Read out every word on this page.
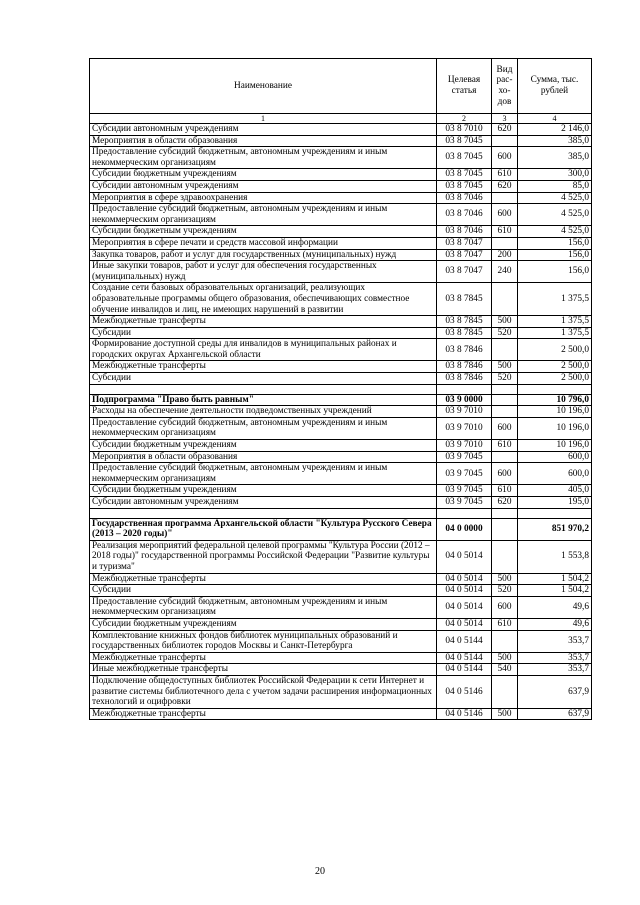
Наименование	Целевая статья	Вид рас-хо-дов	Сумма, тыс. рублей
1	2	3	4
Субсидии автономным учреждениям	03 8 7010	620	2 146,0
Мероприятия в области образования	03 8 7045		385,0
Предоставление субсидий бюджетным, автономным учреждениям и иным некоммерческим организациям	03 8 7045	600	385,0
Субсидии бюджетным учреждениям	03 8 7045	610	300,0
Субсидии автономным учреждениям	03 8 7045	620	85,0
Мероприятия в сфере здравоохранения	03 8 7046		4 525,0
Предоставление субсидий бюджетным, автономным учреждениям и иным некоммерческим организациям	03 8 7046	600	4 525,0
Субсидии бюджетным учреждениям	03 8 7046	610	4 525,0
Мероприятия в сфере печати и средств массовой информации	03 8 7047		156,0
Закупка товаров, работ и услуг для государственных (муниципальных) нужд	03 8 7047	200	156,0
Иные закупки товаров, работ и услуг для обеспечения государственных (муниципальных) нужд	03 8 7047	240	156,0
Создание сети базовых образовательных организаций, реализующих образовательные программы общего образования, обеспечивающих совместное обучение инвалидов и лиц, не имеющих нарушений в развитии	03 8 7845		1 375,5
Межбюджетные трансферты	03 8 7845	500	1 375,5
Субсидии	03 8 7845	520	1 375,5
Формирование доступной среды для инвалидов в муниципальных районах и городских округах Архангельской области	03 8 7846		2 500,0
Межбюджетные трансферты	03 8 7846	500	2 500,0
Субсидии	03 8 7846	520	2 500,0

Подпрограмма "Право быть равным"	03 9 0000		10 796,0
Расходы на обеспечение деятельности подведомственных учреждений	03 9 7010		10 196,0
Предоставление субсидий бюджетным, автономным учреждениям и иным некоммерческим организациям	03 9 7010	600	10 196,0
Субсидии бюджетным учреждениям	03 9 7010	610	10 196,0
Мероприятия в области образования	03 9 7045		600,0
Предоставление субсидий бюджетным, автономным учреждениям и иным некоммерческим организациям	03 9 7045	600	600,0
Субсидии бюджетным учреждениям	03 9 7045	610	405,0
Субсидии автономным учреждениям	03 9 7045	620	195,0

Государственная программа Архангельской области "Культура Русского Севера (2013 – 2020 годы)"	04 0 0000		851 970,2
Реализация мероприятий федеральной целевой программы "Культура России (2012 – 2018 годы)" государственной программы Российской Федерации "Развитие культуры и туризма"	04 0 5014		1 553,8
Межбюджетные трансферты	04 0 5014	500	1 504,2
Субсидии	04 0 5014	520	1 504,2
Предоставление субсидий бюджетным, автономным учреждениям и иным некоммерческим организациям	04 0 5014	600	49,6
Субсидии бюджетным учреждениям	04 0 5014	610	49,6
Комплектование книжных фондов библиотек муниципальных образований и государственных библиотек городов Москвы и Санкт-Петербурга	04 0 5144		353,7
Межбюджетные трансферты	04 0 5144	500	353,7
Иные межбюджетные трансферты	04 0 5144	540	353,7
Подключение общедоступных библиотек Российской Федерации к сети Интернет и развитие системы библиотечного дела с учетом задачи расширения информационных технологий и оцифровки	04 0 5146		637,9
Межбюджетные трансферты	04 0 5146	500	637,9
20
